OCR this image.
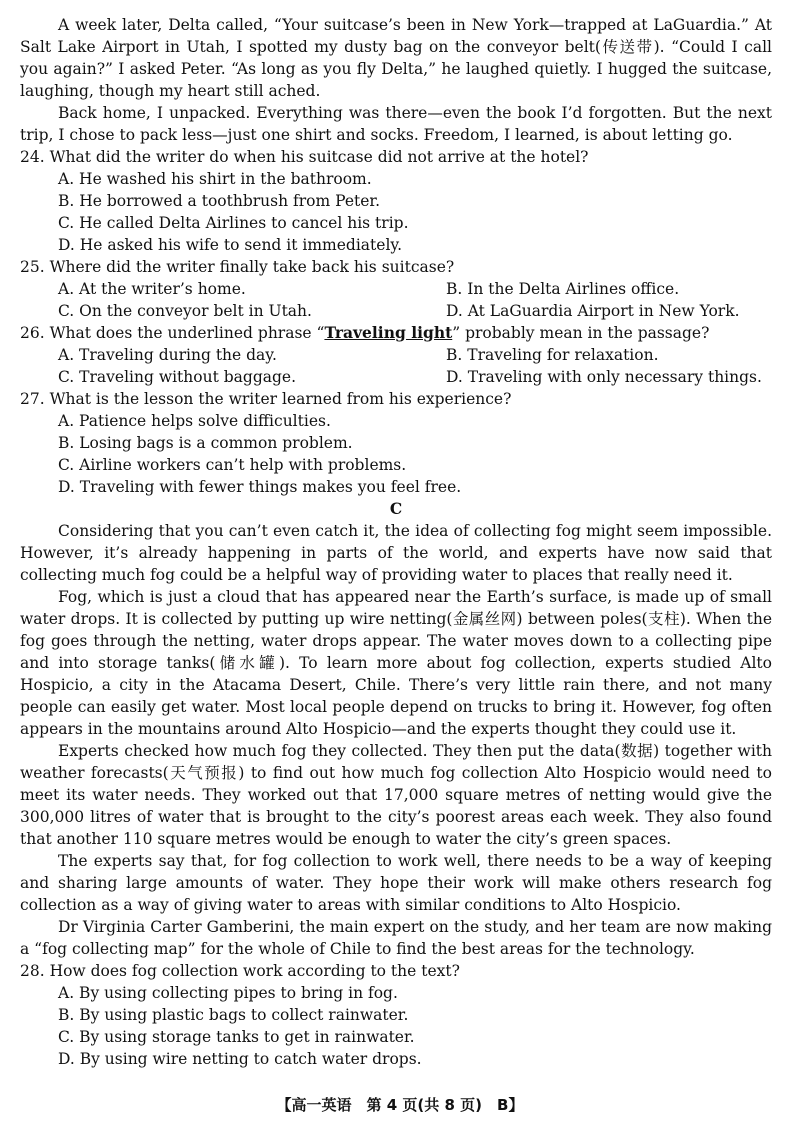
A week later, Delta called, “Your suitcase’s been in New York—trapped at LaGuardia.” At Salt Lake Airport in Utah, I spotted my dusty bag on the conveyor belt(传送带). “Could I call you again?” I asked Peter. “As long as you fly Delta,” he laughed quietly. I hugged the suitcase, laughing, though my heart still ached.

Back home, I unpacked. Everything was there—even the book I’d forgotten. But the next trip, I chose to pack less—just one shirt and socks. Freedom, I learned, is about letting go.

24. What did the writer do when his suitcase did not arrive at the hotel?

A. He washed his shirt in the bathroom.

B. He borrowed a toothbrush from Peter.

C. He called Delta Airlines to cancel his trip.

D. He asked his wife to send it immediately.

25. Where did the writer finally take back his suitcase?

A. At the writer’s home.	B. In the Delta Airlines office.

C. On the conveyor belt in Utah.	D. At LaGuardia Airport in New York.

26. What does the underlined phrase “Traveling light” probably mean in the passage?

A. Traveling during the day.	B. Traveling for relaxation.

C. Traveling without baggage.	D. Traveling with only necessary things.

27. What is the lesson the writer learned from his experience?

A. Patience helps solve difficulties.

B. Losing bags is a common problem.

C. Airline workers can’t help with problems.

D. Traveling with fewer things makes you feel free.

C

Considering that you can’t even catch it, the idea of collecting fog might seem impossible. However, it’s already happening in parts of the world, and experts have now said that collecting much fog could be a helpful way of providing water to places that really need it.

Fog, which is just a cloud that has appeared near the Earth’s surface, is made up of small water drops. It is collected by putting up wire netting(金属丝网) between poles(支柱). When the fog goes through the netting, water drops appear. The water moves down to a collecting pipe and into storage tanks(储水罐). To learn more about fog collection, experts studied Alto Hospicio, a city in the Atacama Desert, Chile. There’s very little rain there, and not many people can easily get water. Most local people depend on trucks to bring it. However, fog often appears in the mountains around Alto Hospicio—and the experts thought they could use it.

Experts checked how much fog they collected. They then put the data(数据) together with weather forecasts(天气预报) to find out how much fog collection Alto Hospicio would need to meet its water needs. They worked out that 17,000 square metres of netting would give the 300,000 litres of water that is brought to the city’s poorest areas each week. They also found that another 110 square metres would be enough to water the city’s green spaces.

The experts say that, for fog collection to work well, there needs to be a way of keeping and sharing large amounts of water. They hope their work will make others research fog collection as a way of giving water to areas with similar conditions to Alto Hospicio.

Dr Virginia Carter Gamberini, the main expert on the study, and her team are now making a “fog collecting map” for the whole of Chile to find the best areas for the technology.

28. How does fog collection work according to the text?

A. By using collecting pipes to bring in fog.

B. By using plastic bags to collect rainwater.

C. By using storage tanks to get in rainwater.

D. By using wire netting to catch water drops.

【高一英语　第 4 页(共 8 页)　B】
